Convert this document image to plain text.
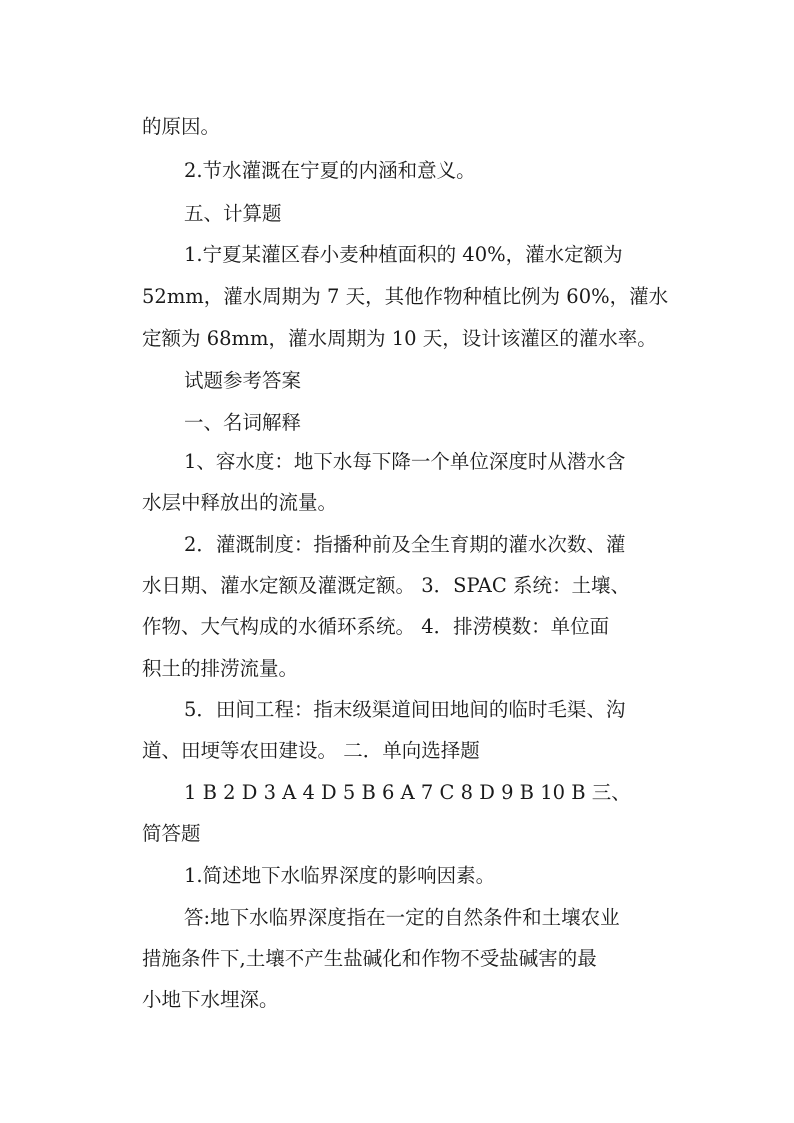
的原因。
2.节水灌溉在宁夏的内涵和意义。
五、计算题
1.宁夏某灌区春小麦种植面积的 40%，灌水定额为
52mm，灌水周期为 7 天，其他作物种植比例为 60%，灌水
定额为 68mm，灌水周期为 10 天，设计该灌区的灌水率。
试题参考答案
一、名词解释
1、容水度：地下水每下降一个单位深度时从潜水含
水层中释放出的流量。
2．灌溉制度：指播种前及全生育期的灌水次数、灌
水日期、灌水定额及灌溉定额。 3．SPAC 系统：土壤、
作物、大气构成的水循环系统。 4．排涝模数：单位面
积土的排涝流量。
5．田间工程：指末级渠道间田地间的临时毛渠、沟
道、田埂等农田建设。 二．单向选择题
1 B 2 D 3 A 4 D 5 B 6 A 7 C 8 D 9 B 10 B 三、
简答题
1.简述地下水临界深度的影响因素。
答:地下水临界深度指在一定的自然条件和土壤农业
措施条件下,土壤不产生盐碱化和作物不受盐碱害的最
小地下水埋深。
